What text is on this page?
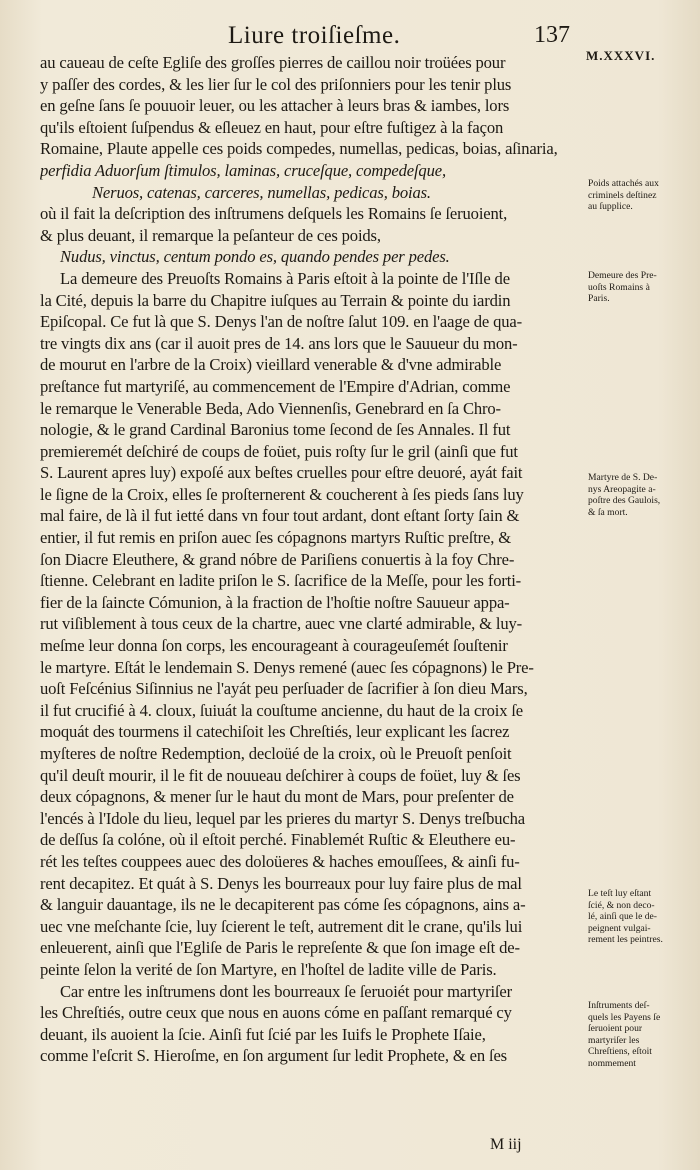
Liure troiſieſme.	137
M.XXXVI.
au caueau de ceſte Egliſe des groſſes pierres de caillou noir troüées pour
y paſſer des cordes, & les lier ſur le col des priſonniers pour les tenir plus
en geſne ſans ſe pouuoir leuer, ou les attacher à leurs bras & iambes, lors
qu'ils eſtoient ſuſpendus & eſleuez en haut, pour eſtre fuſtigez à la façon
Romaine, Plaute appelle ces poids compedes, numellas, pedicas, boias, aſinaria,
perfidia Aduorſum ſtimulos, laminas, cruceſque, compedeſque,
Neruos, catenas, carceres, numellas, pedicas, boias.
où il fait la deſcription des inſtrumens deſquels les Romains ſe ſeruoient,
& plus deuant, il remarque la peſanteur de ces poids,
Nudus, vinctus, centum pondo es, quando pendes per pedes.
La demeure des Preuoſts Romains à Paris eſtoit à la pointe de l'Iſle de
la Cité, depuis la barre du Chapitre iuſques au Terrain & pointe du iardin
Epiſcopal. Ce fut là que S. Denys l'an de noſtre ſalut 109. en l'aage de qua-
tre vingts dix ans (car il auoit pres de 14. ans lors que le Sauueur du mon-
de mourut en l'arbre de la Croix) vieillard venerable & d'vne admirable
preſtance fut martyriſé, au commencement de l'Empire d'Adrian, comme
le remarque le Venerable Beda, Ado Viennenſis, Genebrard en ſa Chro-
nologie, & le grand Cardinal Baronius tome ſecond de ſes Annales. Il fut
premieremét deſchiré de coups de foüet, puis roſty ſur le gril (ainſi que fut
S. Laurent apres luy) expoſé aux beſtes cruelles pour eſtre deuoré, ayát fait
le ſigne de la Croix, elles ſe proſternerent & coucherent à ſes pieds ſans luy
mal faire, de là il fut ietté dans vn four tout ardant, dont eſtant ſorty ſain &
entier, il fut remis en priſon auec ſes cópagnons martyrs Ruſtic preſtre, &
ſon Diacre Eleuthere, & grand nóbre de Pariſiens conuertis à la foy Chre-
ſtienne. Celebrant en ladite priſon le S. ſacrifice de la Meſſe, pour les forti-
fier de la ſaincte Cómunion, à la fraction de l'hoſtie noſtre Sauueur appa-
rut viſiblement à tous ceux de la chartre, auec vne clarté admirable, & luy-
meſme leur donna ſon corps, les encourageant à courageuſemét ſouſtenir
le martyre. Eſtát le lendemain S. Denys remené (auec ſes cópagnons) le Pre-
uoſt Feſcénius Siſinnius ne l'ayát peu perſuader de ſacrifier à ſon dieu Mars,
il fut crucifié à 4. cloux, ſuiuát la couſtume ancienne, du haut de la croix ſe
moquát des tourmens il catechiſoit les Chreſtiés, leur explicant les ſacrez
myſteres de noſtre Redemption, decloüé de la croix, où le Preuoſt penſoit
qu'il deuſt mourir, il le fit de nouueau deſchirer à coups de foüet, luy & ſes
deux cópagnons, & mener ſur le haut du mont de Mars, pour preſenter de
l'encés à l'Idole du lieu, lequel par les prieres du martyr S. Denys treſbucha
de deſſus ſa colóne, où il eſtoit perché. Finablemét Ruſtic & Eleuthere eu-
rét les teſtes couppees auec des doloüeres & haches emouſſees, & ainſi fu-
rent decapitez. Et quát à S. Denys les bourreaux pour luy faire plus de mal
& languir dauantage, ils ne le decapiterent pas cóme ſes cópagnons, ains a-
uec vne meſchante ſcie, luy ſcierent le teſt, autrement dit le crane, qu'ils lui
enleuerent, ainſi que l'Egliſe de Paris le repreſente & que ſon image eſt de-
peinte ſelon la verité de ſon Martyre, en l'hoſtel de ladite ville de Paris.
Car entre les inſtrumens dont les bourreaux ſe ſeruoiét pour martyriſer
les Chreſtiés, outre ceux que nous en auons cóme en paſſant remarqué cy
deuant, ils auoient la ſcie. Ainſi fut ſcié par les Iuifs le Prophete Iſaie,
comme l'eſcrit S. Hieroſme, en ſon argument ſur ledit Prophete, & en ſes
Poids attachés aux
criminels deſtinez
au ſupplice.
Demeure des Pre-
uoſts Romains à
Paris.
Martyre de S. De-
nys Areopagite a-
poſtre des Gaulois,
& ſa mort.
Le teſt luy eſtant
ſcié, & non deco-
lé, ainſi que le de-
peignent vulgai-
rement les peintres.
Inſtruments deſ-
quels les Payens ſe
ſeruoient pour
martyriſer les
Chreſtiens, eſtoit
nommement
M iij
